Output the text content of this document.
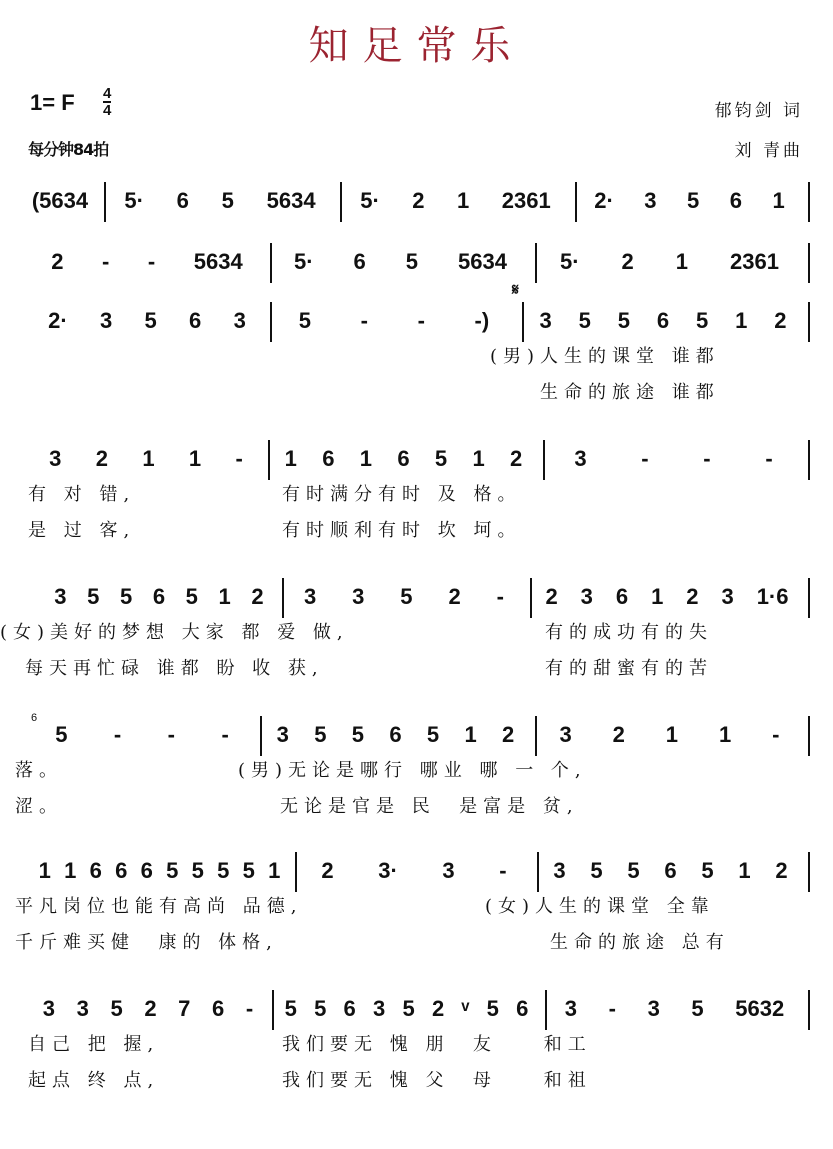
知足常乐
1= F $\frac{4}{4}$
每分钟84拍
郁钧剑 词
刘 青曲
𝄋
6
(5634 5· 6 5 5634 5· 2 1 2361 2· 3 5 6 1
2 - - 5634 5· 6 5 5634 5· 2 1 2361
2· 3 5 6 3 5 - - -) 3 5 5 6 5 1 2
(男)人生的课堂 谁都
生命的旅途 谁都
3 2 1 1 - 1 6 1 6 5 1 2 3 - - -
有 对 错,	有时满分有时 及 格。
是 过 客,	有时顺利有时 坎 坷。
3 5 5 6 5 1 2 3 3 5 2 - 2 3 6 1 2 3 1·6
(女)美好的梦想 大家 都 爱 做,	有的成功有的失
每天再忙碌 谁都 盼 收 获,	有的甜蜜有的苦
5 - - - 3 5 5 6 5 1 2 3 2 1 1 -
落。	(男)无论是哪行 哪业 哪 一 个,
涩。	无论是官是 民  是富是 贫,
1 1 6 6 6 5 5 5 5 1 2 3· 3 - 3 5 5 6 5 1 2
平凡岗位也能有高尚 品德,	(女)人生的课堂 全靠
千斤难买健  康的 体格,	生命的旅途 总有
3 3 5 2 7 6 - 5 5 6 3 5 2 ᵛ 5 6 3 - 3 5 5632
自己 把 握,	我们要无 愧 朋  友    和工
起点 终 点,	我们要无 愧 父  母    和祖
